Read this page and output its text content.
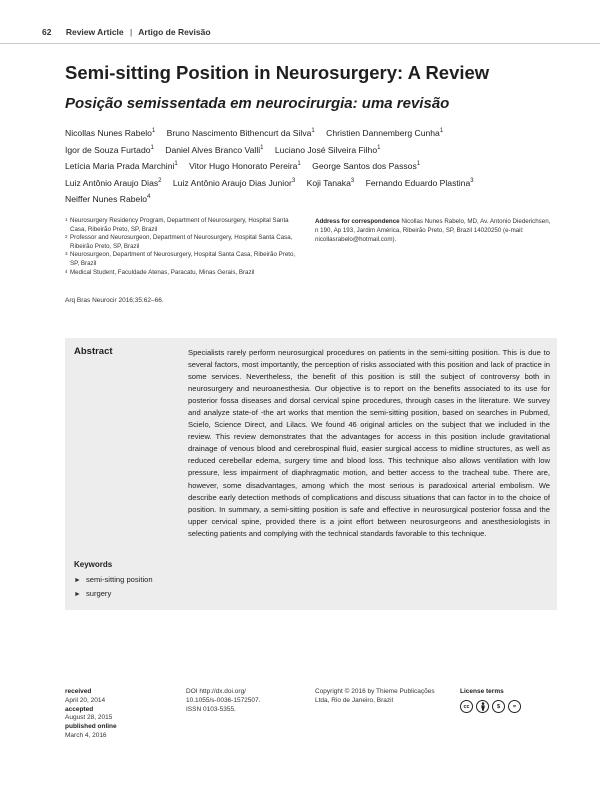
62 Review Article | Artigo de Revisão
Semi-sitting Position in Neurosurgery: A Review
Posição semissentada em neurocirurgia: uma revisão
Nicollas Nunes Rabelo$^1$ Bruno Nascimento Bithencurt da Silva$^1$ Christien Dannemberg Cunha$^1$
Igor de Souza Furtado$^1$ Daniel Alves Branco Valli$^1$ Luciano José Silveira Filho$^1$
Letícia Maria Prada Marchini$^1$ Vitor Hugo Honorato Pereira$^1$ George Santos dos Passos$^1$
Luiz Antônio Araujo Dias$^2$ Luiz Antônio Araujo Dias Junior$^3$ Koji Tanaka$^3$ Fernando Eduardo Plastina$^3$
Neiffer Nunes Rabelo$^4$
1 Neurosurgery Residency Program, Department of Neurosurgery, Hospital Santa Casa, Ribeirão Preto, SP, Brazil
2 Professor and Neurosurgeon, Department of Neurosurgery, Hospital Santa Casa, Ribeirão Preto, SP, Brazil
3 Neurosurgeon, Department of Neurosurgery, Hospital Santa Casa, Ribeirão Preto, SP, Brazil
4 Medical Student, Faculdade Atenas, Paracatu, Minas Gerais, Brazil
Address for correspondence Nicollas Nunes Rabelo, MD, Av. Antonio Diederichsen, n 190, Ap 193, Jardim América, Ribeirão Preto, SP, Brazil 14020250 (e-mail: nicollasrabelo@hotmail.com).
Arq Bras Neurocir 2016;35:62–66.
Abstract	Specialists rarely perform neurosurgical procedures on patients in the semi-sitting position. This is due to several factors, most importantly, the perception of risks associated with this position and lack of practice in some services. Nevertheless, the benefit of this position is still the subject of controversy both in neurosurgery and neuroanesthesia. Our objective is to report on the benefits associated to its use for posterior fossa diseases and dorsal cervical spine procedures, through cases in the literature. We survey and analyze state-of -the art works that mention the semi-sitting position, based on searches in Pubmed, Scielo, Science Direct, and Lilacs. We found 46 original articles on the subject that we included in the review. This review demonstrates that the advantages for access in this position include gravitational drainage of venous blood and cerebrospinal fluid, easier surgical access to midline structures, as well as reduced cerebellar edema, surgery time and blood loss. This technique also allows ventilation with low pressure, less impairment of diaphragmatic motion, and better access to the tracheal tube. There are, however, some disadvantages, among which the most serious is paradoxical arterial embolism. We describe early detection methods of complications and discuss situations that can factor in to the choice of position. In summary, a semi-sitting position is safe and effective in neurosurgical posterior fossa and the upper cervical spine, provided there is a joint effort between neurosurgeons and anesthesiologists in selecting patients and complying with the technical standards favorable to this technique.
Keywords
► semi-sitting position
► surgery
received
April 20, 2014
accepted
August 28, 2015
published online
March 4, 2016
DOI http://dx.doi.org/
10.1055/s-0036-1572507.
ISSN 0103-5355.
Copyright © 2016 by Thieme Publicações
Ltda, Rio de Janeiro, Brazil
License terms
cc	$	=
